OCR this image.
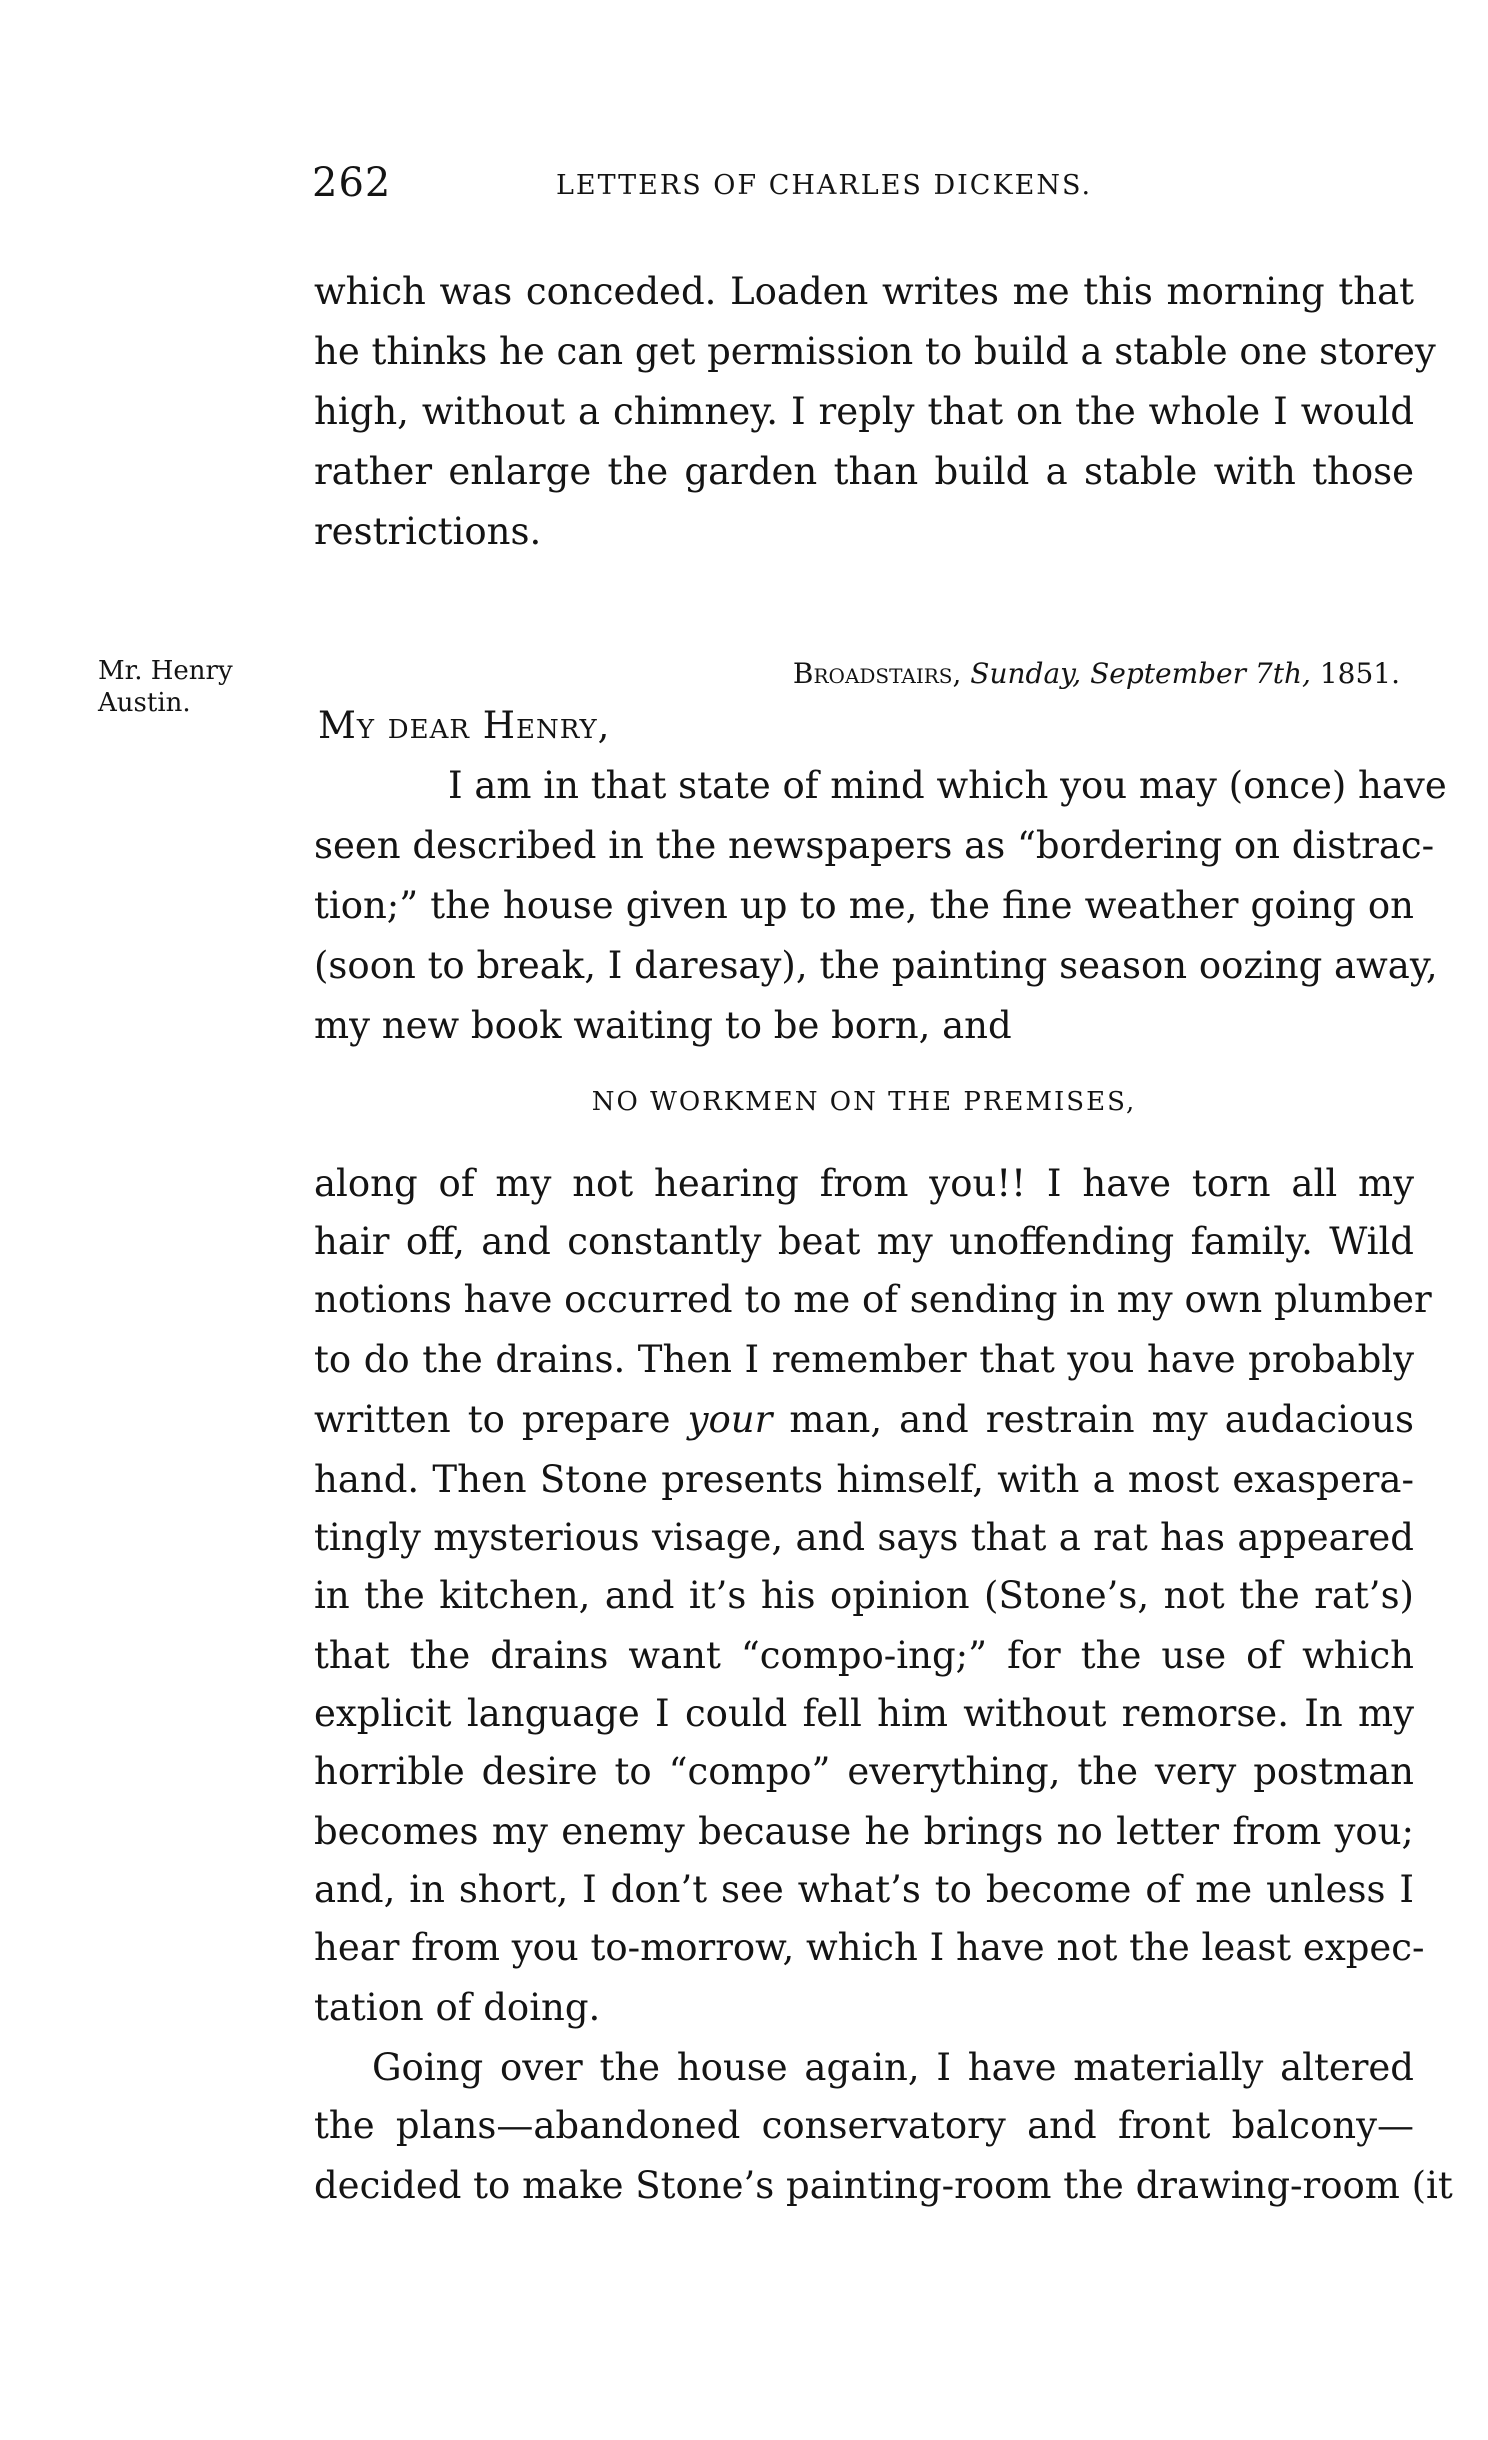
262	LETTERS OF CHARLES DICKENS.
which was conceded. Loaden writes me this morning that
he thinks he can get permission to build a stable one storey
high, without a chimney. I reply that on the whole I would
rather enlarge the garden than build a stable with those
restrictions.
Mr. Henry
Austin.
Broadstairs, Sunday, September 7th, 1851.
My dear Henry,
I am in that state of mind which you may (once) have
seen described in the newspapers as “bordering on distrac-
tion;” the house given up to me, the fine weather going on
(soon to break, I daresay), the painting season oozing away,
my new book waiting to be born, and
NO WORKMEN ON THE PREMISES,
along of my not hearing from you!! I have torn all my
hair off, and constantly beat my unoffending family. Wild
notions have occurred to me of sending in my own plumber
to do the drains. Then I remember that you have probably
written to prepare your man, and restrain my audacious
hand. Then Stone presents himself, with a most exaspera-
tingly mysterious visage, and says that a rat has appeared
in the kitchen, and it’s his opinion (Stone’s, not the rat’s)
that the drains want “compo-ing;” for the use of which
explicit language I could fell him without remorse. In my
horrible desire to “compo” everything, the very postman
becomes my enemy because he brings no letter from you;
and, in short, I don’t see what’s to become of me unless I
hear from you to-morrow, which I have not the least expec-
tation of doing.
Going over the house again, I have materially altered
the plans—abandoned conservatory and front balcony—
decided to make Stone’s painting-room the drawing-room (it
